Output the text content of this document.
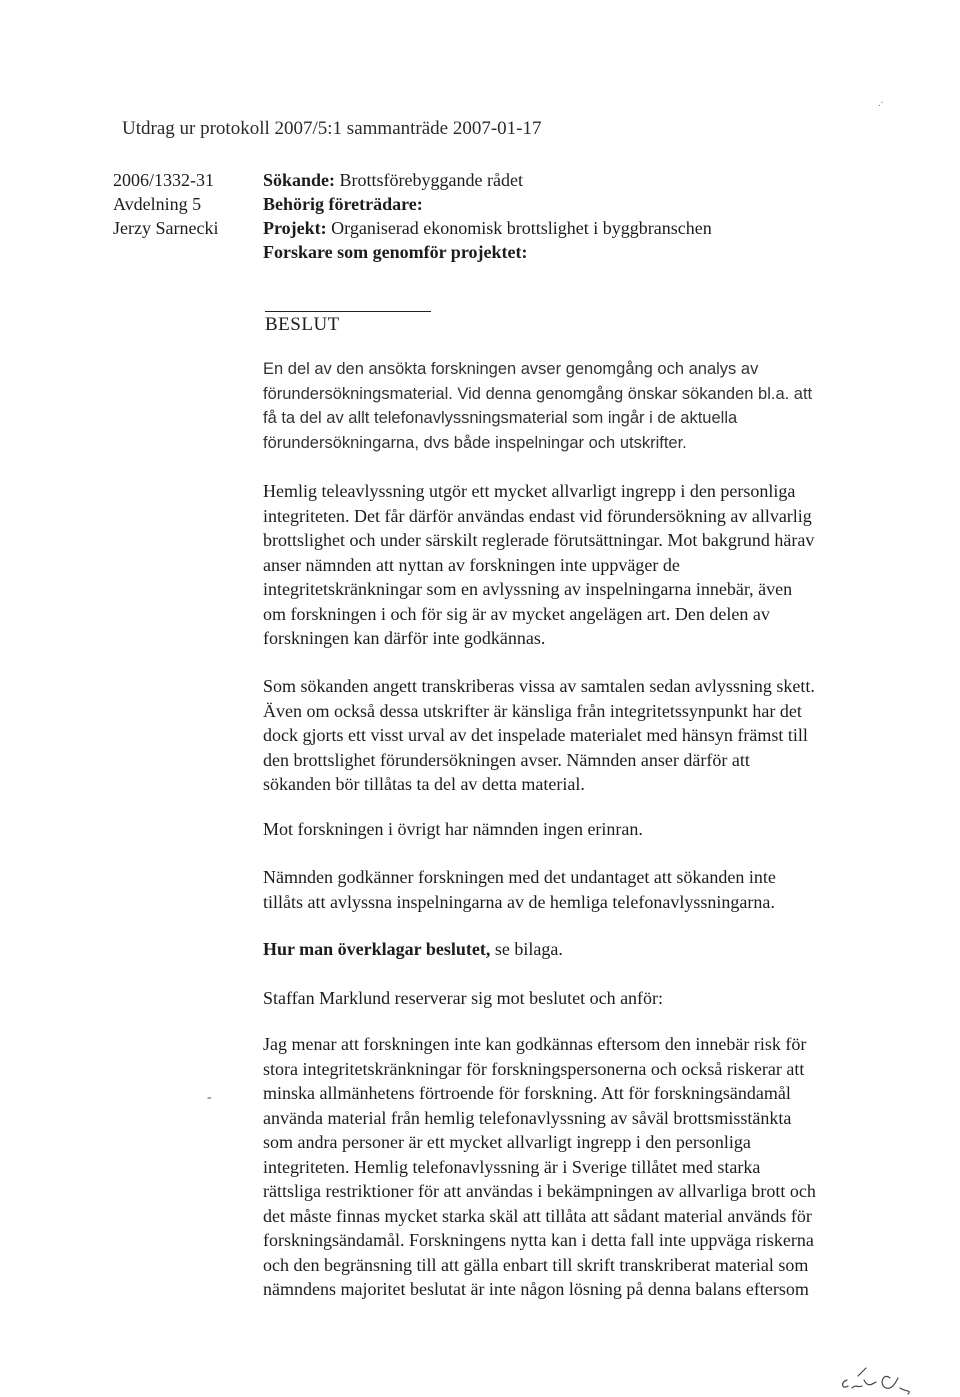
.·
Utdrag ur protokoll 2007/5:1 sammanträde 2007-01-17
2006/1332-31
Avdelning 5
Jerzy Sarnecki
Sökande: Brottsförebyggande rådet
Behörig företrädare:
Projekt: Organiserad ekonomisk brottslighet i byggbranschen
Forskare som genomför projektet:
BESLUT
En del av den ansökta forskningen avser genomgång och analys av
förundersökningsmaterial. Vid denna genomgång önskar sökanden bl.a. att
få ta del av allt telefonavlyssningsmaterial som ingår i de aktuella
förundersökningarna, dvs både inspelningar och utskrifter.
Hemlig teleavlyssning utgör ett mycket allvarligt ingrepp i den personliga
integriteten. Det får därför användas endast vid förundersökning av allvarlig
brottslighet och under särskilt reglerade förutsättningar. Mot bakgrund härav
anser nämnden att nyttan av forskningen inte uppväger de
integritetskränkningar som en avlyssning av inspelningarna innebär, även
om forskningen i och för sig är av mycket angelägen art. Den delen av
forskningen kan därför inte godkännas.
Som sökanden angett transkriberas vissa av samtalen sedan avlyssning skett.
Även om också dessa utskrifter är känsliga från integritetssynpunkt har det
dock gjorts ett visst urval av det inspelade materialet med hänsyn främst till
den brottslighet förundersökningen avser. Nämnden anser därför att
sökanden bör tillåtas ta del av detta material.
Mot forskningen i övrigt har nämnden ingen erinran.
Nämnden godkänner forskningen med det undantaget att sökanden inte
tillåts att avlyssna inspelningarna av de hemliga telefonavlyssningarna.
Hur man överklagar beslutet, se bilaga.
Staffan Marklund reserverar sig mot beslutet och anför:
Jag menar att forskningen inte kan godkännas eftersom den innebär risk för
stora integritetskränkningar för forskningspersonerna och också riskerar att
minska allmänhetens förtroende för forskning. Att för forskningsändamål
använda material från hemlig telefonavlyssning av såväl brottsmisstänkta
som andra personer är ett mycket allvarligt ingrepp i den personliga
integriteten. Hemlig telefonavlyssning är i Sverige tillåtet med starka
rättsliga restriktioner för att användas i bekämpningen av allvarliga brott och
det måste finnas mycket starka skäl att tillåta att sådant material används för
forskningsändamål. Forskningens nytta kan i detta fall inte uppväga riskerna
och den begränsning till att gälla enbart till skrift transkriberat material som
nämndens majoritet beslutat är inte någon lösning på denna balans eftersom
-
